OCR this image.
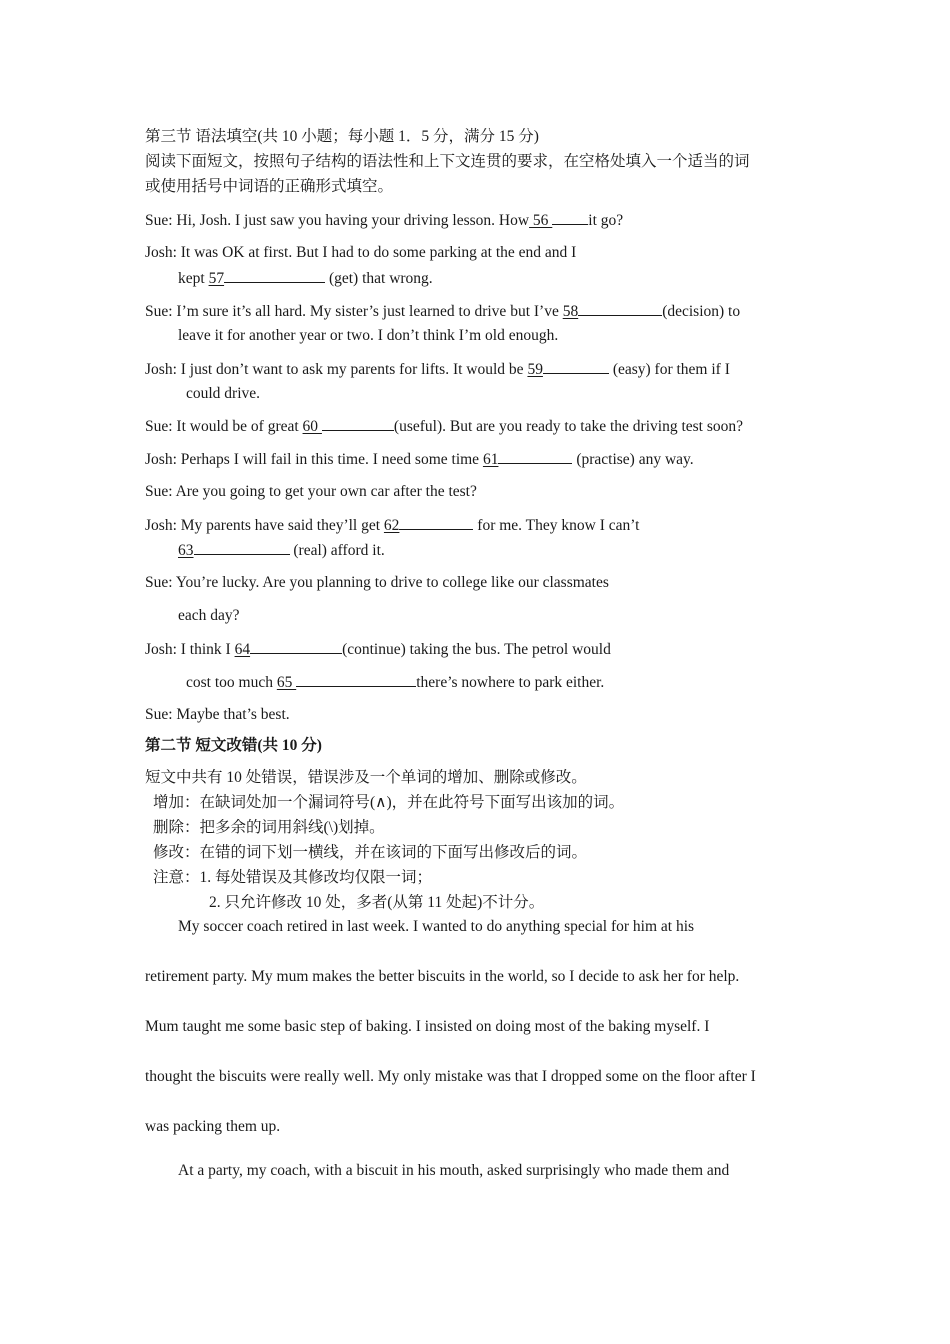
第三节 语法填空(共 10 小题；每小题 1．5 分，满分 15 分)
阅读下面短文，按照句子结构的语法性和上下文连贯的要求，在空格处填入一个适当的词
或使用括号中词语的正确形式填空。
Sue: Hi, Josh. I just saw you having your driving lesson. How 56 it go?
Josh: It was OK at first. But I had to do some parking at the end and I
kept 57	(get) that wrong.
Sue: I’m sure it’s all hard. My sister’s just learned to drive but I’ve 58	(decision) to
leave it for another year or two. I don’t think I’m old enough.
Josh: I just don’t want to ask my parents for lifts. It would be 59	(easy) for them if I
could drive.
Sue: It would be of great 60	(useful). But are you ready to take the driving test soon?
Josh: Perhaps I will fail in this time. I need some time 61	(practise) any way.
Sue: Are you going to get your own car after the test?
Josh: My parents have said they’ll get 62	for me. They know I can’t
63	(real) afford it.
Sue: You’re lucky. Are you planning to drive to college like our classmates
each day?
Josh: I think I 64	(continue) taking the bus. The petrol would
cost too much 65	there’s nowhere to park either.
Sue: Maybe that’s best.
第二节 短文改错(共 10 分)
短文中共有 10 处错误，错误涉及一个单词的增加、删除或修改。
增加：在缺词处加一个漏词符号(∧)，并在此符号下面写出该加的词。
删除：把多余的词用斜线(\)划掉。
修改：在错的词下划一横线，并在该词的下面写出修改后的词。
注意：1. 每处错误及其修改均仅限一词；
2. 只允许修改 10 处，多者(从第 11 处起)不计分。
My soccer coach retired in last week. I wanted to do anything special for him at his
retirement party. My mum makes the better biscuits in the world, so I decide to ask her for help.
Mum taught me some basic step of baking. I insisted on doing most of the baking myself. I
thought the biscuits were really well. My only mistake was that I dropped some on the floor after I
was packing them up.
At a party, my coach, with a biscuit in his mouth, asked surprisingly who made them and
